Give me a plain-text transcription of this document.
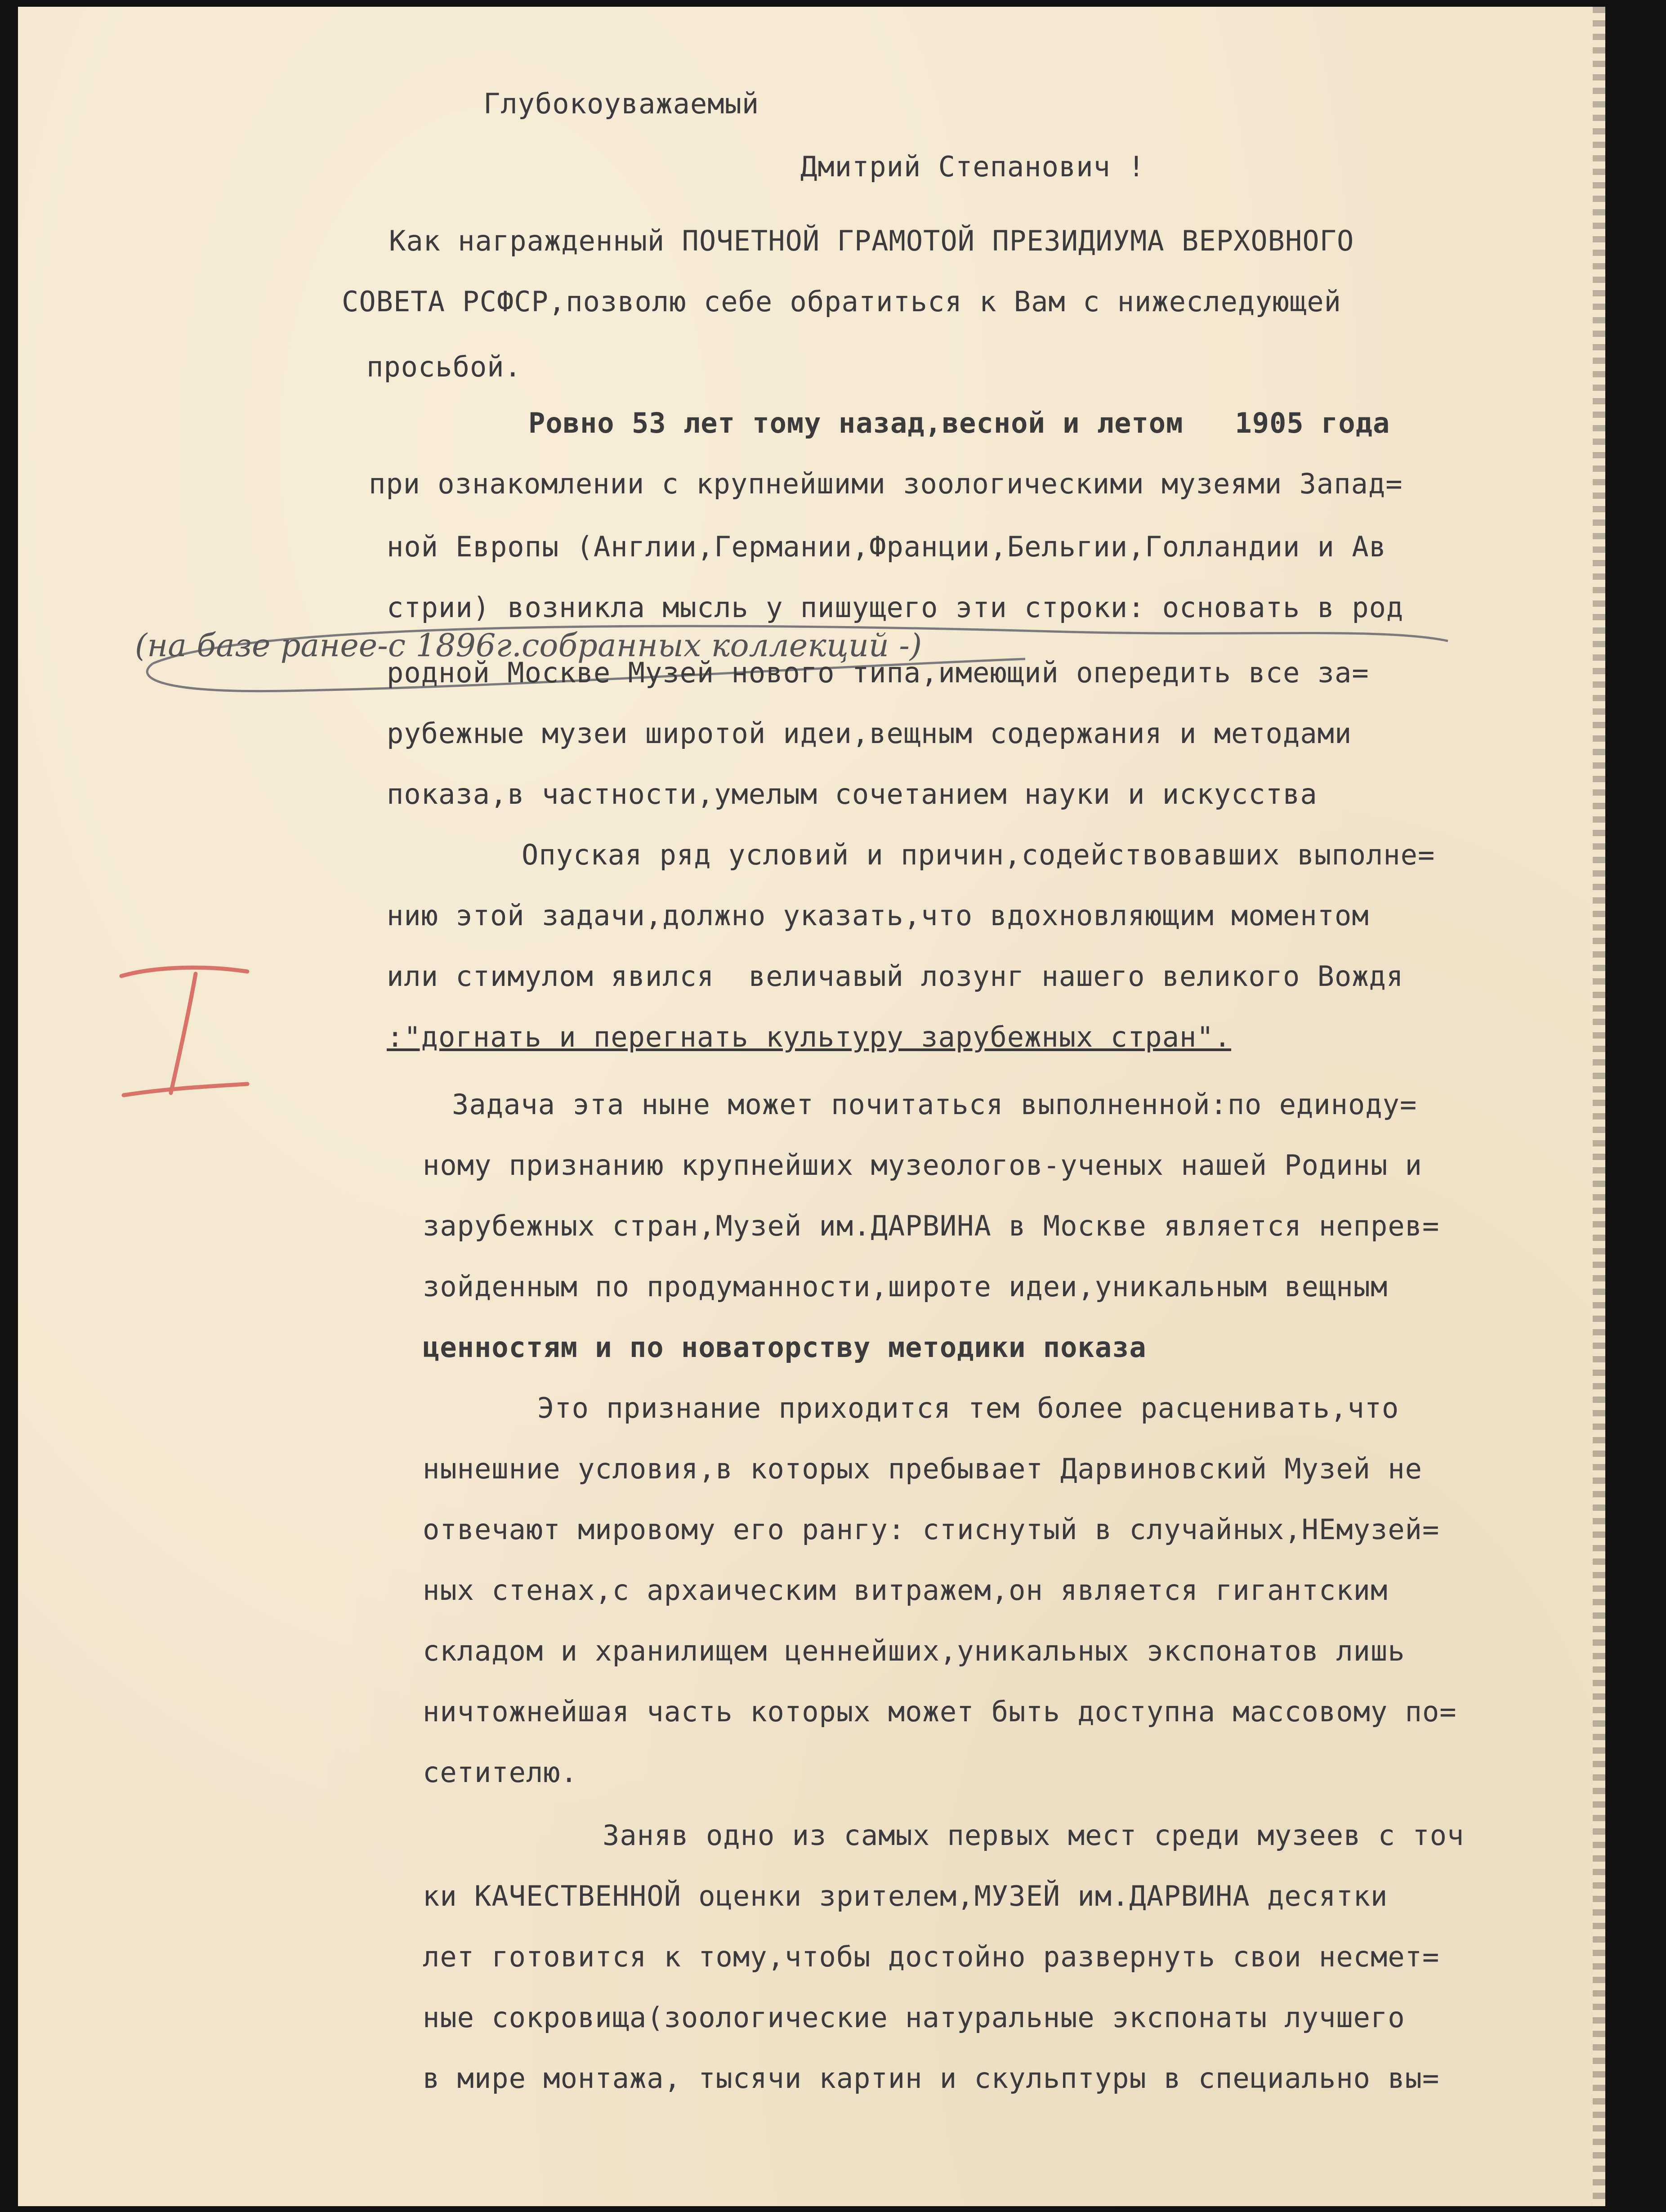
Глубокоуважаемый
Дмитрий Степанович !
Как награжденный ПОЧЕТНОЙ ГРАМОТОЙ ПРЕЗИДИУМА ВЕРХОВНОГО
СОВЕТА РСФСР,позволю себе обратиться к Вам с нижеследующей
просьбой.
Ровно 53 лет тому назад,весной и летом   1905 года
при ознакомлении с крупнейшими зоологическими музеями Запад=
ной Европы (Англии,Германии,Франции,Бельгии,Голландии и Ав
стрии) возникла мысль у пишущего эти строки: основать в род
(на базе ранее-с 1896г.собранных коллекций -)
родной Москве Музей нового типа,имеющий опередить все за=
рубежные музеи широтой идеи,вещным содержания и методами
показа,в частности,умелым сочетанием науки и искусства
Опуская ряд условий и причин,содействовавших выполне=
нию этой задачи,должно указать,что вдохновляющим моментом
или стимулом явился  величавый лозунг нашего великого Вождя
:"догнать и перегнать культуру зарубежных стран".
Задача эта ныне может почитаться выполненной:по единоду=
ному признанию крупнейших музеологов-ученых нашей Родины и
зарубежных стран,Музей им.ДАРВИНА в Москве является непрев=
зойденным по продуманности,широте идеи,уникальным вещным
ценностям и по новаторству методики показа
Это признание приходится тем более расценивать,что
нынешние условия,в которых пребывает Дарвиновский Музей не
отвечают мировому его рангу: стиснутый в случайных,НЕмузей=
ных стенах,с архаическим витражем,он является гигантским
складом и хранилищем ценнейших,уникальных экспонатов лишь
ничтожнейшая часть которых может быть доступна массовому по=
сетителю.
Заняв одно из самых первых мест среди музеев с точ
ки КАЧЕСТВЕННОЙ оценки зрителем,МУЗЕЙ им.ДАРВИНА десятки
лет готовится к тому,чтобы достойно развернуть свои несмет=
ные сокровища(зоологические натуральные экспонаты лучшего
в мире монтажа, тысячи картин и скульптуры в специально вы=
